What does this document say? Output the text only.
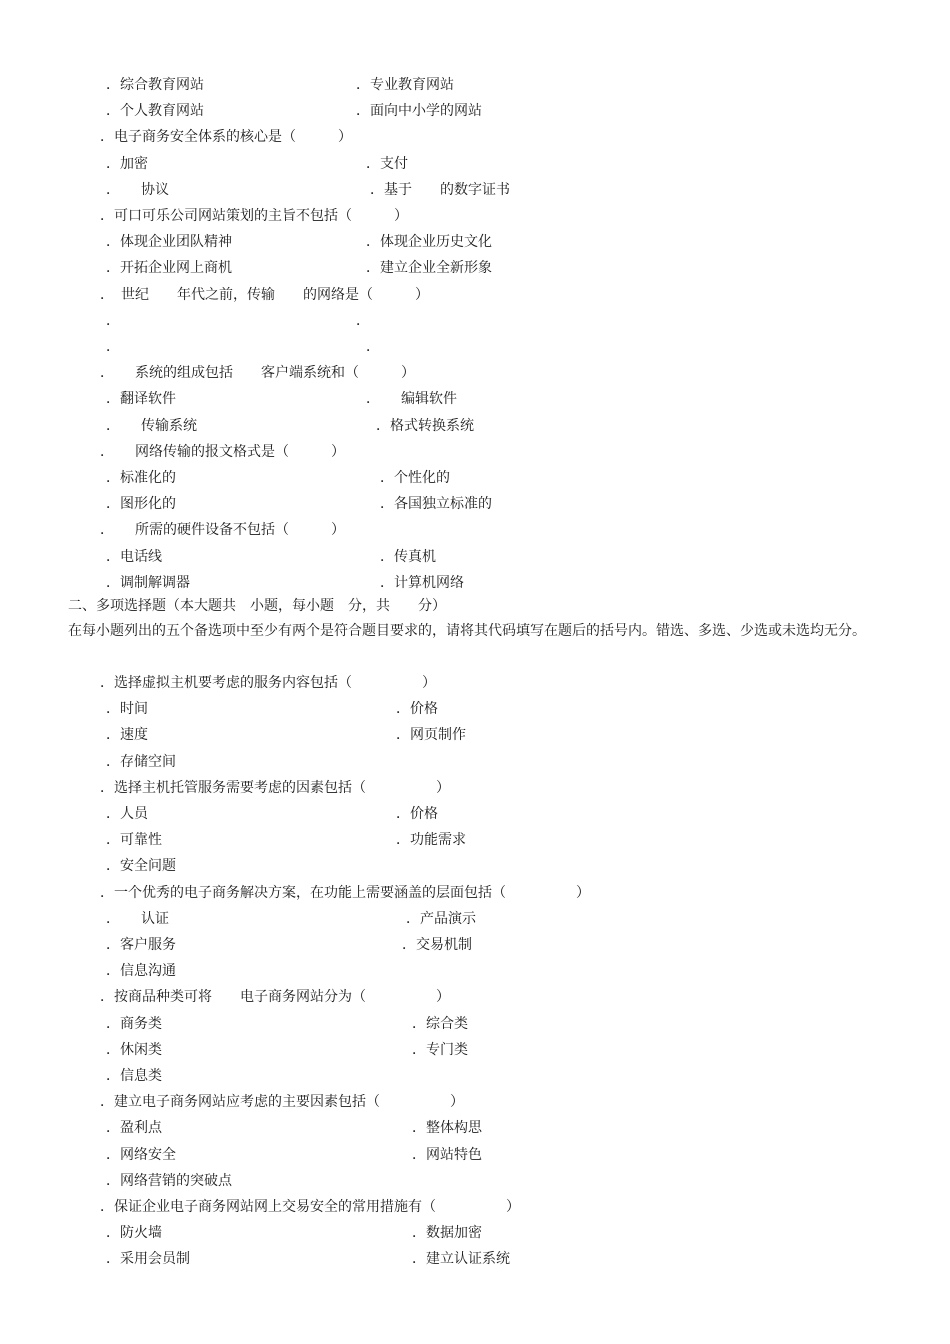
二、多项选择题（本大题共　小题，每小题　分，共　　分）
在每小题列出的五个备选项中至少有两个是符合题目要求的，请将其代码填写在题后的括号内。错选、多选、少选或未选均无分。
．综合教育网站	．专业教育网站
．个人教育网站	．面向中小学的网站
．电子商务安全体系的核心是（　　　）
．加密	．支付
．　　协议	．基于　　的数字证书
．可口可乐公司网站策划的主旨不包括（　　　）
．体现企业团队精神	．体现企业历史文化
．开拓企业网上商机	．建立企业全新形象
．　世纪　　年代之前，传输　　的网络是（　　　）
．	．
．	．
．　　系统的组成包括　　客户端系统和（　　　）
．翻译软件	．　　编辑软件
．　　传输系统	．格式转换系统
．　　网络传输的报文格式是（　　　）
．标准化的	．个性化的
．图形化的	．各国独立标准的
．　　所需的硬件设备不包括（　　　）
．电话线	．传真机
．调制解调器	．计算机网络
．选择虚拟主机要考虑的服务内容包括（　　　　　）
．时间	．价格
．速度	．网页制作
．存储空间
．选择主机托管服务需要考虑的因素包括（　　　　　）
．人员	．价格
．可靠性	．功能需求
．安全问题
．一个优秀的电子商务解决方案，在功能上需要涵盖的层面包括（　　　　　）
．　　认证	．产品演示
．客户服务	．交易机制
．信息沟通
．按商品种类可将　　电子商务网站分为（　　　　　）
．商务类	．综合类
．休闲类	．专门类
．信息类
．建立电子商务网站应考虑的主要因素包括（　　　　　）
．盈利点	．整体构思
．网络安全	．网站特色
．网络营销的突破点
．保证企业电子商务网站网上交易安全的常用措施有（　　　　　）
．防火墙	．数据加密
．采用会员制	．建立认证系统
